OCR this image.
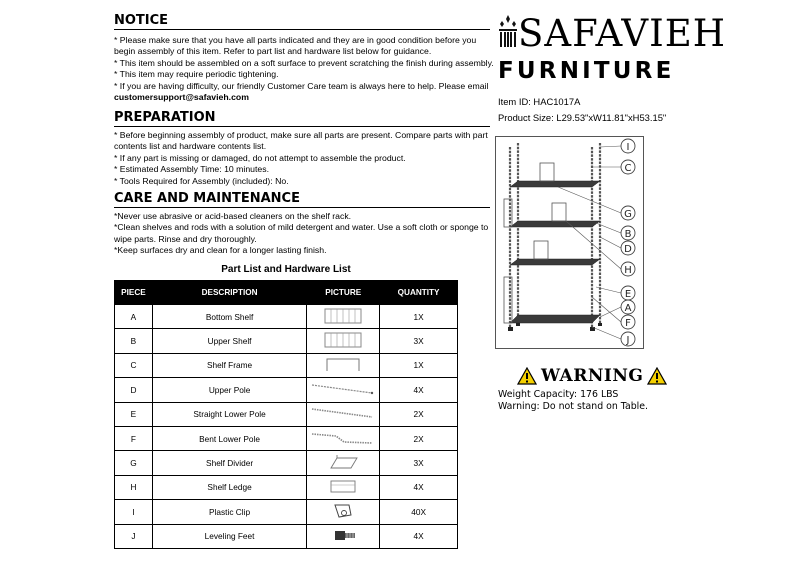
NOTICE

* Please make sure that you have all parts indicated and they are in good condition before you begin assembly of this item. Refer to part list and hardware list below for guidance.

* This item should be assembled on a soft surface to prevent scratching the finish during assembly.

* This item may require periodic tightening.

* If you are having difficulty, our friendly Customer Care team is always here to help. Please email

customersupport@safavieh.com

PREPARATION

* Before beginning assembly of product, make sure all parts are present. Compare parts with part contents list and hardware contents list.

* If any part is missing or damaged, do not attempt to assemble the product.

* Estimated Assembly Time: 10 minutes.

* Tools Required for Assembly (included): No.

CARE AND MAINTENANCE

*Never use abrasive or acid-based cleaners on the shelf rack.

*Clean shelves and rods with a solution of mild detergent and water. Use a soft cloth or sponge to wipe parts. Rinse and dry thoroughly.

*Keep surfaces dry and clean for a longer lasting finish.

Part List and Hardware List
PIECE	DESCRIPTION	PICTURE	QUANTITY
A	Bottom Shelf		1X
B	Upper Shelf		3X
C	Shelf Frame		1X
D	Upper Pole		4X
E	Straight Lower Pole		2X
F	Bent Lower Pole		2X
G	Shelf Divider		3X
H	Shelf Ledge		4X
I	Plastic Clip		40X
J	Leveling Feet		4X
SAFAVIEH
FURNITURE
Item ID: HAC1017A
Product Size: L29.53"xW11.81"xH53.15"
I
C
G
B
D
H
E
A
F
J
WARNING
Weight Capacity: 176 LBS
Warning: Do not stand on Table.
